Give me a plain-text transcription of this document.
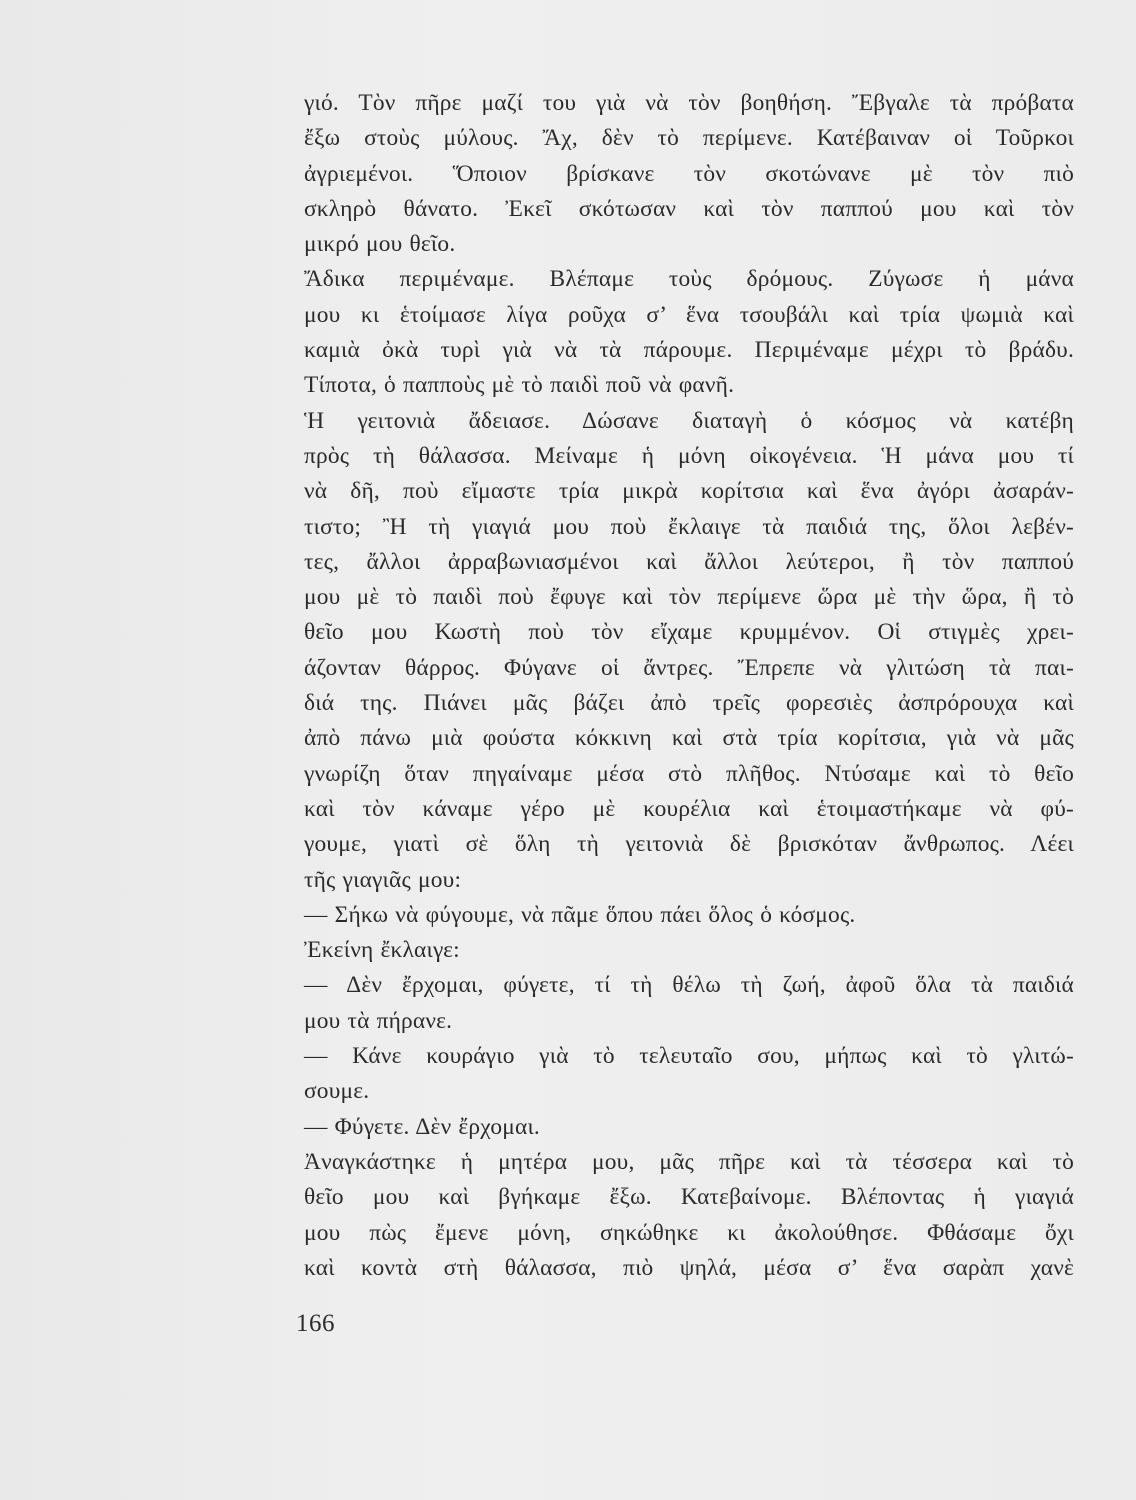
γιό. Τὸν πῆρε μαζί του γιὰ νὰ τὸν βοηθήση. Ἔβγαλε τὰ πρόβατα
ἔξω στοὺς μύλους. Ἄχ, δὲν τὸ περίμενε. Κατέβαιναν οἱ Τοῦρκοι
ἀγριεμένοι. Ὅποιον βρίσκανε τὸν σκοτώνανε μὲ τὸν πιὸ
σκληρὸ θάνατο. Ἐκεῖ σκότωσαν καὶ τὸν παππού μου καὶ τὸν
μικρό μου θεῖο.
Ἄδικα περιμέναμε. Βλέπαμε τοὺς δρόμους. Ζύγωσε ἡ μάνα
μου κι ἑτοίμασε λίγα ροῦχα σ’ ἕνα τσουβάλι καὶ τρία ψωμιὰ καὶ
καμιὰ ὀκὰ τυρὶ γιὰ νὰ τὰ πάρουμε. Περιμέναμε μέχρι τὸ βράδυ.
Τίποτα, ὁ παπποὺς μὲ τὸ παιδὶ ποῦ νὰ φανῆ.
Ἡ γειτονιὰ ἄδειασε. Δώσανε διαταγὴ ὁ κόσμος νὰ κατέβη
πρὸς τὴ θάλασσα. Μείναμε ἡ μόνη οἰκογένεια. Ἡ μάνα μου τί
νὰ δῆ, ποὺ εἴμαστε τρία μικρὰ κορίτσια καὶ ἕνα ἀγόρι ἀσαράν-
τιστο; Ἢ τὴ γιαγιά μου ποὺ ἔκλαιγε τὰ παιδιά της, ὅλοι λεβέν-
τες, ἄλλοι ἀρραβωνιασμένοι καὶ ἄλλοι λεύτεροι, ἢ τὸν παππού
μου μὲ τὸ παιδὶ ποὺ ἔφυγε καὶ τὸν περίμενε ὥρα μὲ τὴν ὥρα, ἢ τὸ
θεῖο μου Κωστὴ ποὺ τὸν εἴχαμε κρυμμένον. Οἱ στιγμὲς χρει-
άζονταν θάρρος. Φύγανε οἱ ἄντρες. Ἔπρεπε νὰ γλιτώση τὰ παι-
διά της. Πιάνει μᾶς βάζει ἀπὸ τρεῖς φορεσιὲς ἀσπρόρουχα καὶ
ἀπὸ πάνω μιὰ φούστα κόκκινη καὶ στὰ τρία κορίτσια, γιὰ νὰ μᾶς
γνωρίζη ὅταν πηγαίναμε μέσα στὸ πλῆθος. Ντύσαμε καὶ τὸ θεῖο
καὶ τὸν κάναμε γέρο μὲ κουρέλια καὶ ἑτοιμαστήκαμε νὰ φύ-
γουμε, γιατὶ σὲ ὅλη τὴ γειτονιὰ δὲ βρισκόταν ἄνθρωπος. Λέει
τῆς γιαγιᾶς μου:
— Σήκω νὰ φύγουμε, νὰ πᾶμε ὅπου πάει ὅλος ὁ κόσμος.
Ἐκείνη ἔκλαιγε:
— Δὲν ἔρχομαι, φύγετε, τί τὴ θέλω τὴ ζωή, ἀφοῦ ὅλα τὰ παιδιά
μου τὰ πήρανε.
— Κάνε κουράγιο γιὰ τὸ τελευταῖο σου, μήπως καὶ τὸ γλιτώ-
σουμε.
— Φύγετε. Δὲν ἔρχομαι.
Ἀναγκάστηκε ἡ μητέρα μου, μᾶς πῆρε καὶ τὰ τέσσερα καὶ τὸ
θεῖο μου καὶ βγήκαμε ἔξω. Κατεβαίνομε. Βλέποντας ἡ γιαγιά
μου πὼς ἔμενε μόνη, σηκώθηκε κι ἀκολούθησε. Φθάσαμε ὄχι
καὶ κοντὰ στὴ θάλασσα, πιὸ ψηλά, μέσα σ’ ἕνα σαρὰπ χανὲ
166
